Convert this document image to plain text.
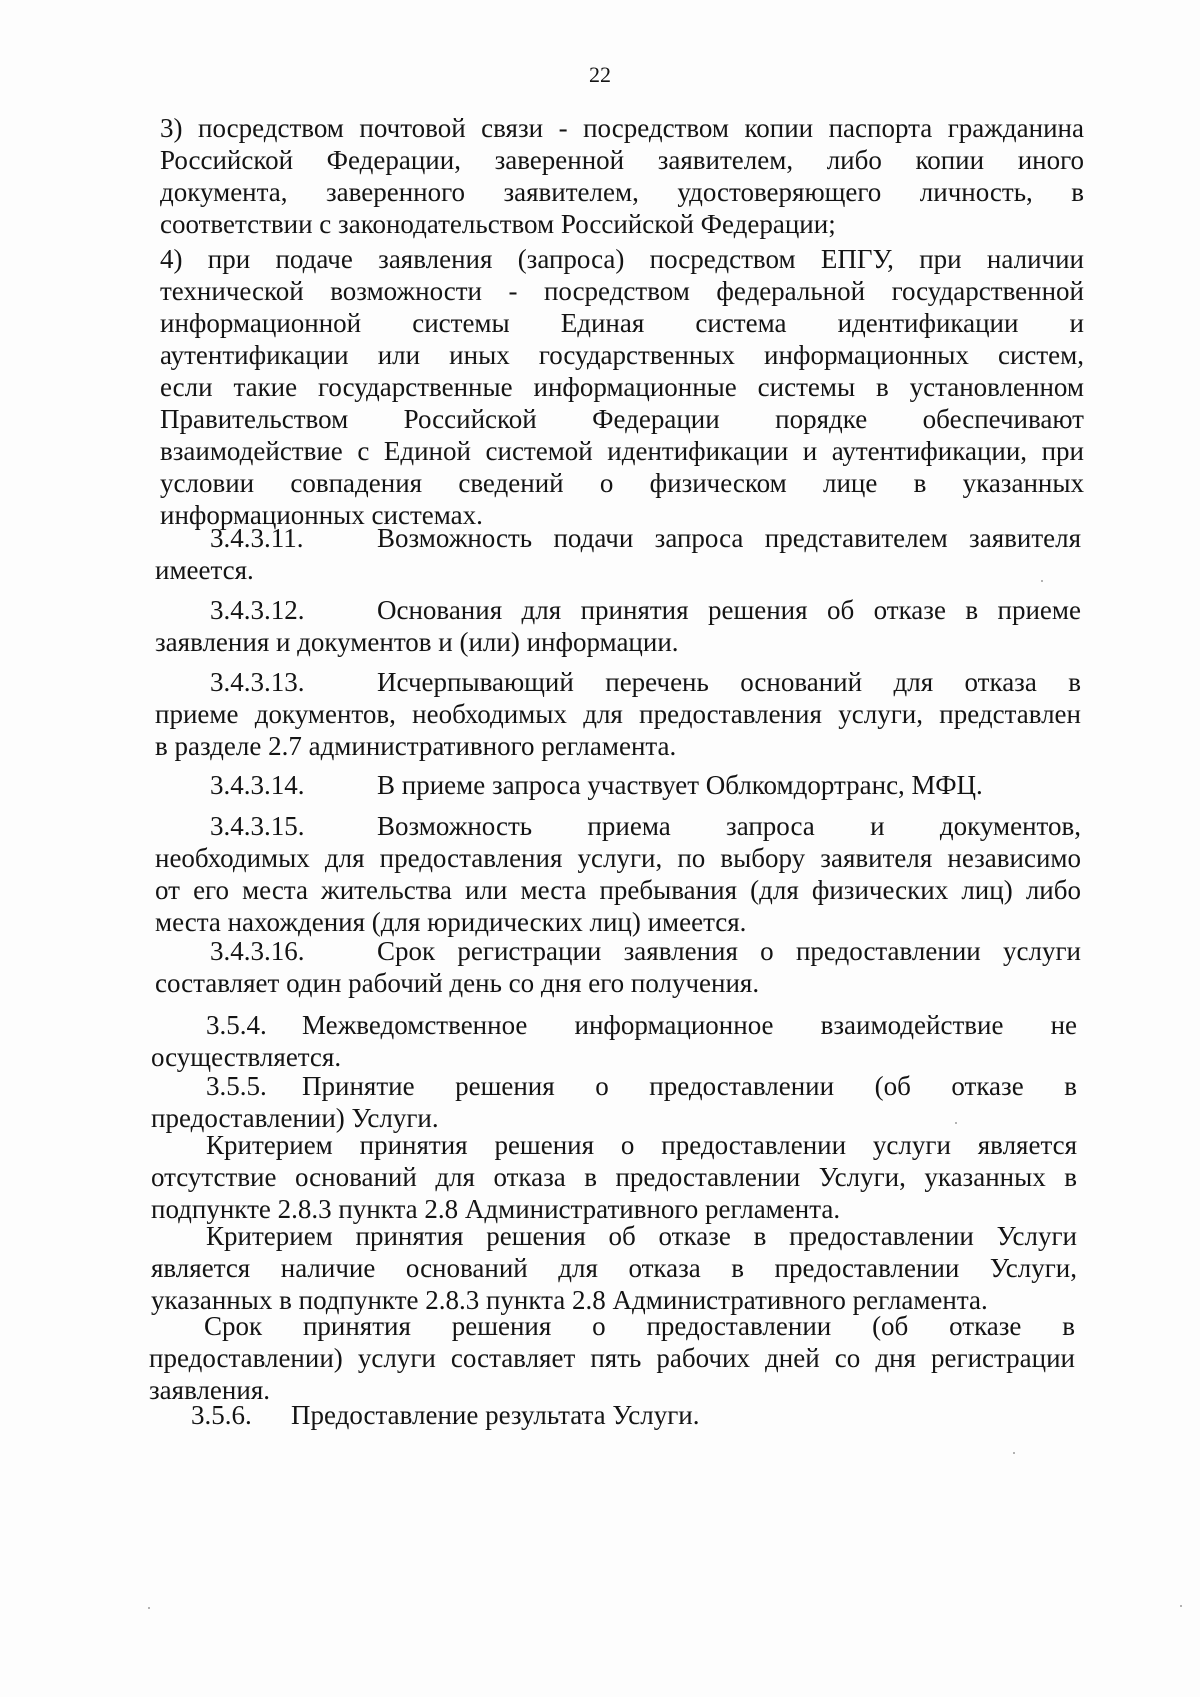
22
3) посредством почтовой связи - посредством копии паспорта гражданина
Российской Федерации, заверенной заявителем, либо копии иного
документа, заверенного заявителем, удостоверяющего личность, в
соответствии с законодательством Российской Федерации;
4) при подаче заявления (запроса) посредством ЕПГУ, при наличии
технической возможности - посредством федеральной государственной
информационной системы Единая система идентификации и
аутентификации или иных государственных информационных систем,
если такие государственные информационные системы в установленном
Правительством Российской Федерации порядке обеспечивают
взаимодействие с Единой системой идентификации и аутентификации, при
условии совпадения сведений о физическом лице в указанных
информационных системах.
3.4.3.11.	Возможность подачи запроса представителем заявителя
имеется.
3.4.3.12.	Основания для принятия решения об отказе в приеме
заявления и документов и (или) информации.
3.4.3.13.	Исчерпывающий перечень оснований для отказа в
приеме документов, необходимых для предоставления услуги, представлен
в разделе 2.7 административного регламента.
3.4.3.14.	В приеме запроса участвует Облкомдортранс, МФЦ.
3.4.3.15.	Возможность приема запроса и документов,
необходимых для предоставления услуги, по выбору заявителя независимо
от его места жительства или места пребывания (для физических лиц) либо
места нахождения (для юридических лиц) имеется.
3.4.3.16.	Срок регистрации заявления о предоставлении услуги
составляет один рабочий день со дня его получения.
3.5.4. Межведомственное информационное взаимодействие не
осуществляется.
3.5.5. Принятие решения о предоставлении (об отказе в
предоставлении) Услуги.
Критерием принятия решения о предоставлении услуги является
отсутствие оснований для отказа в предоставлении Услуги, указанных в
подпункте 2.8.3 пункта 2.8 Административного регламента.
Критерием принятия решения об отказе в предоставлении Услуги
является наличие оснований для отказа в предоставлении Услуги,
указанных в подпункте 2.8.3 пункта 2.8 Административного регламента.
Срок принятия решения о предоставлении (об отказе в
предоставлении) услуги составляет пять рабочих дней со дня регистрации
заявления.
3.5.6. Предоставление результата Услуги.
